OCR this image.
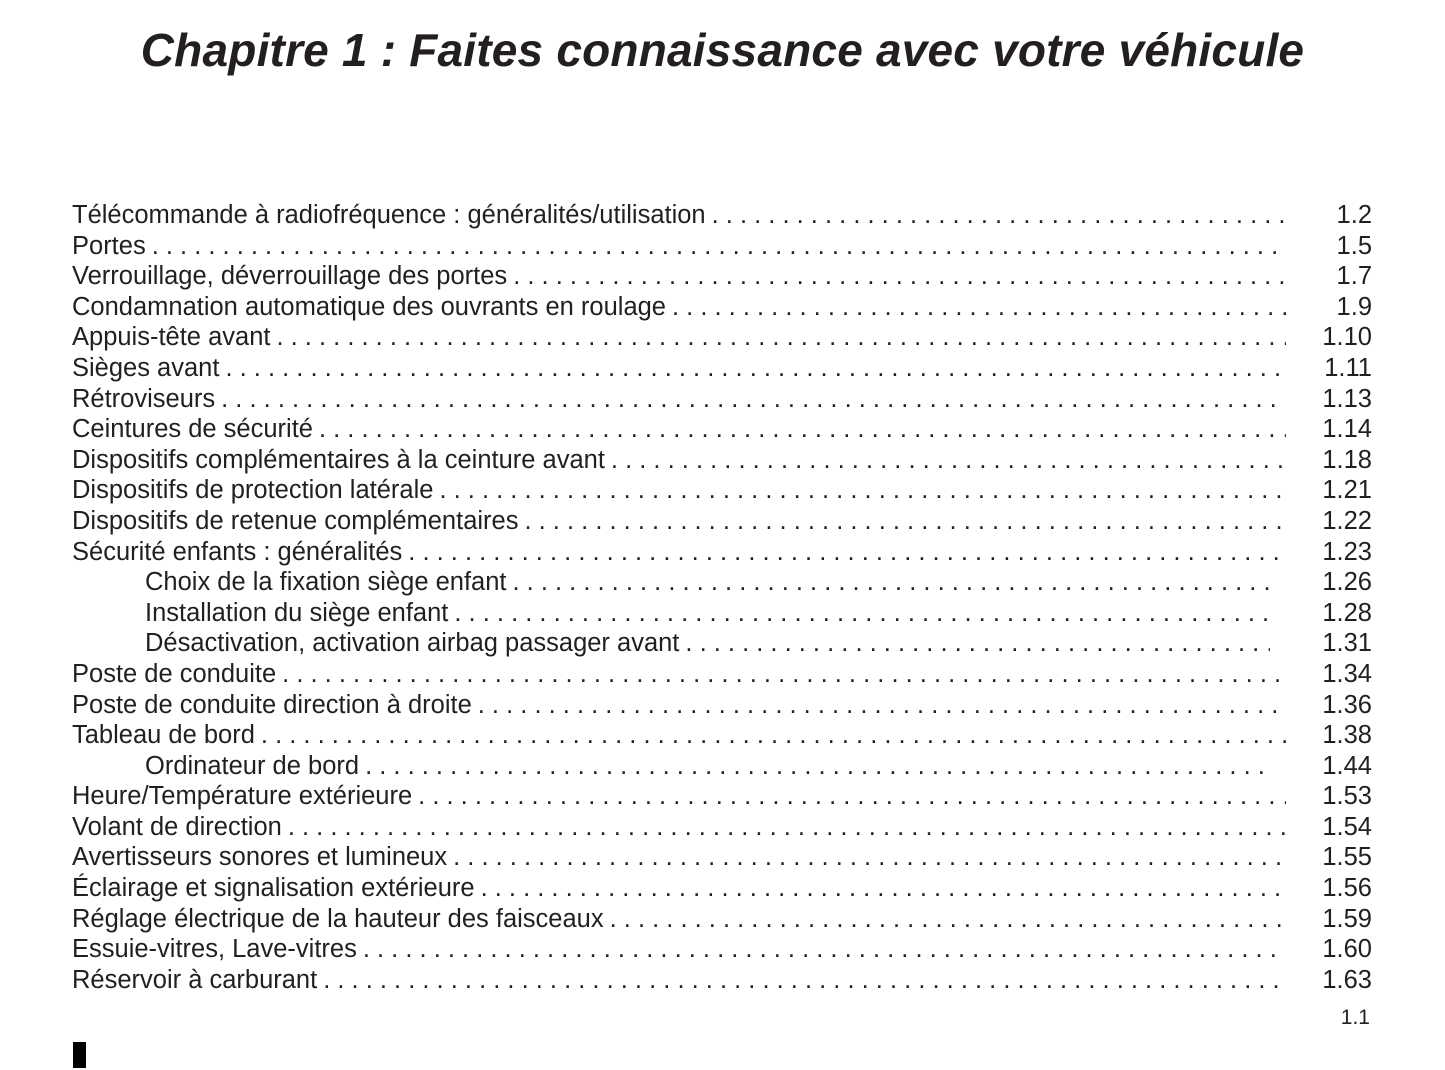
Chapitre 1 : Faites connaissance avec votre véhicule
Télécommande à radiofréquence : généralités/utilisation . . .	1.2
Portes . . .	1.5
Verrouillage, déverrouillage des portes . . .	1.7
Condamnation automatique des ouvrants en roulage . . .	1.9
Appuis-tête avant . . .	1.10
Sièges avant . . .	1.11
Rétroviseurs . . .	1.13
Ceintures de sécurité . . .	1.14
Dispositifs complémentaires à la ceinture avant . . .	1.18
Dispositifs de protection latérale . . .	1.21
Dispositifs de retenue complémentaires . . .	1.22
Sécurité enfants : généralités . . .	1.23
Choix de la fixation siège enfant . . .	1.26
Installation du siège enfant . . .	1.28
Désactivation, activation airbag passager avant . . .	1.31
Poste de conduite . . .	1.34
Poste de conduite direction à droite . . .	1.36
Tableau de bord . . .	1.38
Ordinateur de bord . . .	1.44
Heure/Température extérieure . . .	1.53
Volant de direction . . .	1.54
Avertisseurs sonores et lumineux . . .	1.55
Éclairage et signalisation extérieure . . .	1.56
Réglage électrique de la hauteur des faisceaux . . .	1.59
Essuie-vitres, Lave-vitres . . .	1.60
Réservoir à carburant . . .	1.63
1.1
